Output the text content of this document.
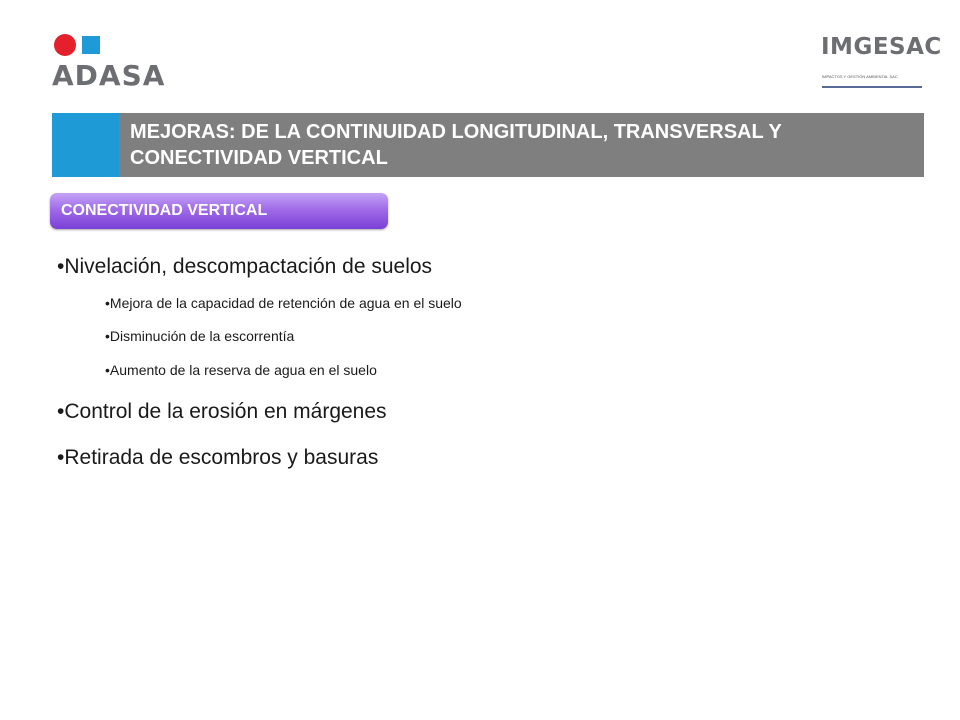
ADASA
IMGESAC
IMPACTOS Y GESTIÓN AMBIENTAL SAC
MEJORAS: DE LA CONTINUIDAD LONGITUDINAL, TRANSVERSAL Y CONECTIVIDAD VERTICAL
CONECTIVIDAD VERTICAL
•Nivelación, descompactación de suelos
•Mejora de la capacidad de retención de agua en el suelo
•Disminución de la escorrentía
•Aumento de la reserva de agua en el suelo
•Control de la erosión en márgenes
•Retirada de escombros y basuras
